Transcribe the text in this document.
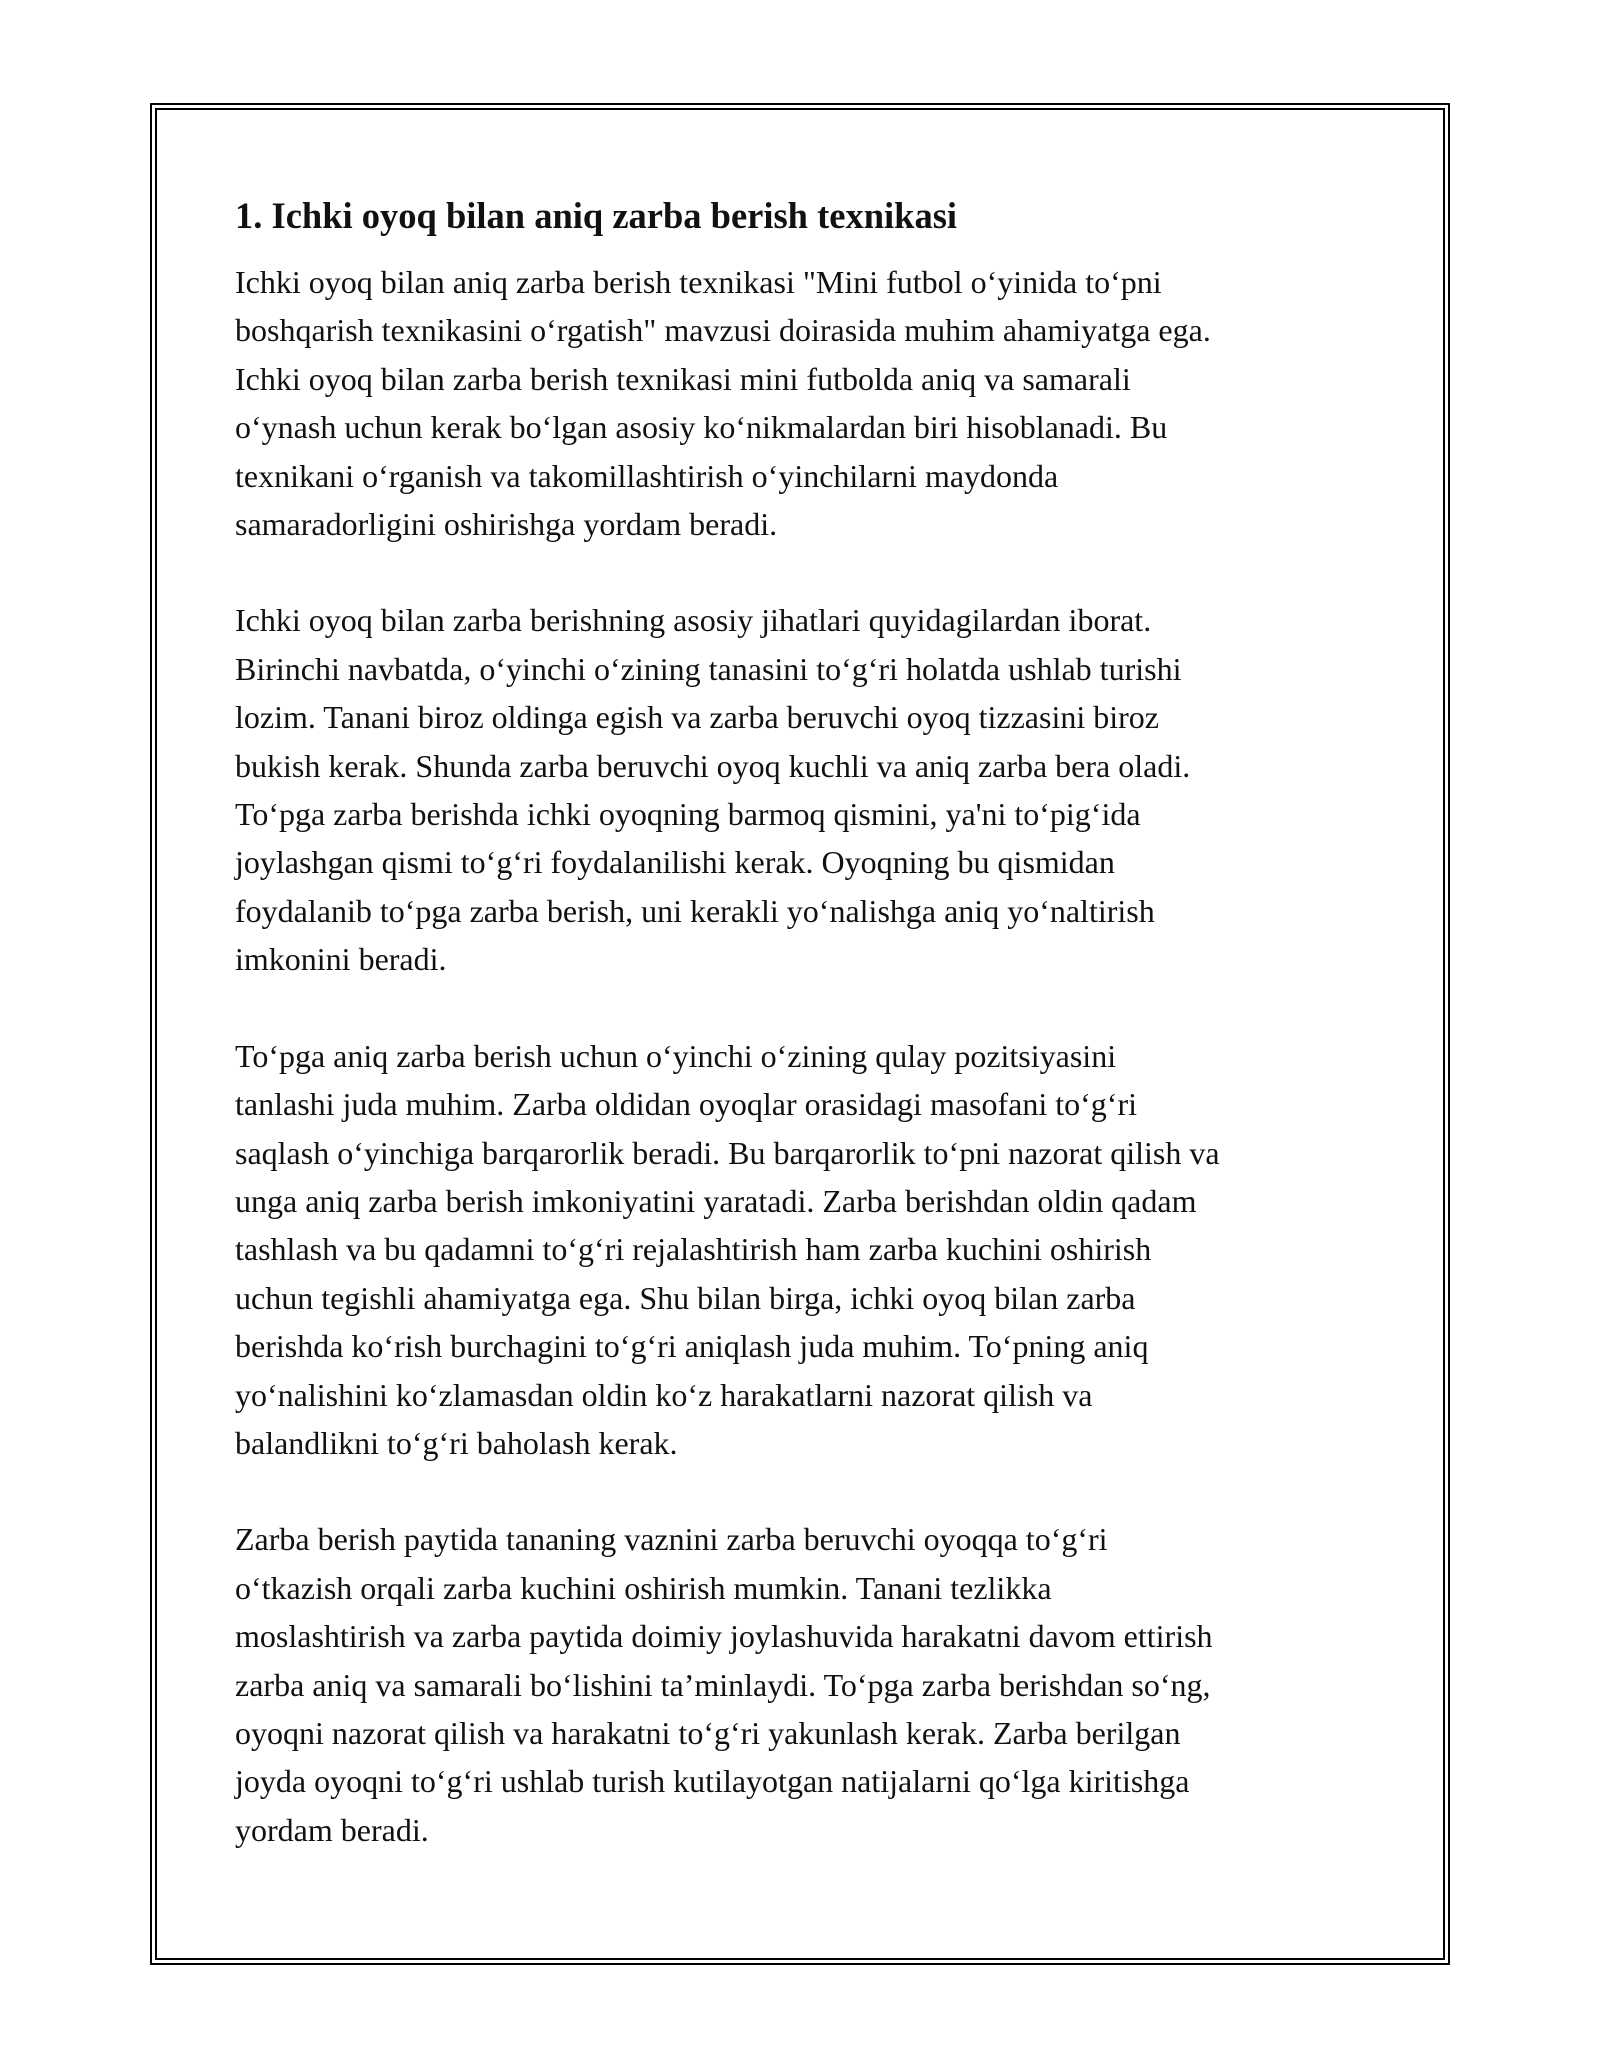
1. Ichki oyoq bilan aniq zarba berish texnikasi

Ichki oyoq bilan aniq zarba berish texnikasi "Mini futbol o‘yinida to‘pni
boshqarish texnikasini o‘rgatish" mavzusi doirasida muhim ahamiyatga ega.
Ichki oyoq bilan zarba berish texnikasi mini futbolda aniq va samarali
o‘ynash uchun kerak bo‘lgan asosiy ko‘nikmalardan biri hisoblanadi. Bu
texnikani o‘rganish va takomillashtirish o‘yinchilarni maydonda
samaradorligini oshirishga yordam beradi.

Ichki oyoq bilan zarba berishning asosiy jihatlari quyidagilardan iborat.
Birinchi navbatda, o‘yinchi o‘zining tanasini to‘g‘ri holatda ushlab turishi
lozim. Tanani biroz oldinga egish va zarba beruvchi oyoq tizzasini biroz
bukish kerak. Shunda zarba beruvchi oyoq kuchli va aniq zarba bera oladi.
To‘pga zarba berishda ichki oyoqning barmoq qismini, ya'ni to‘pig‘ida
joylashgan qismi to‘g‘ri foydalanilishi kerak. Oyoqning bu qismidan
foydalanib to‘pga zarba berish, uni kerakli yo‘nalishga aniq yo‘naltirish
imkonini beradi.

To‘pga aniq zarba berish uchun o‘yinchi o‘zining qulay pozitsiyasini
tanlashi juda muhim. Zarba oldidan oyoqlar orasidagi masofani to‘g‘ri
saqlash o‘yinchiga barqarorlik beradi. Bu barqarorlik to‘pni nazorat qilish va
unga aniq zarba berish imkoniyatini yaratadi. Zarba berishdan oldin qadam
tashlash va bu qadamni to‘g‘ri rejalashtirish ham zarba kuchini oshirish
uchun tegishli ahamiyatga ega. Shu bilan birga, ichki oyoq bilan zarba
berishda ko‘rish burchagini to‘g‘ri aniqlash juda muhim. To‘pning aniq
yo‘nalishini ko‘zlamasdan oldin ko‘z harakatlarni nazorat qilish va
balandlikni to‘g‘ri baholash kerak.

Zarba berish paytida tananing vaznini zarba beruvchi oyoqqa to‘g‘ri
o‘tkazish orqali zarba kuchini oshirish mumkin. Tanani tezlikka
moslashtirish va zarba paytida doimiy joylashuvida harakatni davom ettirish
zarba aniq va samarali bo‘lishini ta’minlaydi. To‘pga zarba berishdan so‘ng,
oyoqni nazorat qilish va harakatni to‘g‘ri yakunlash kerak. Zarba berilgan
joyda oyoqni to‘g‘ri ushlab turish kutilayotgan natijalarni qo‘lga kiritishga
yordam beradi.
